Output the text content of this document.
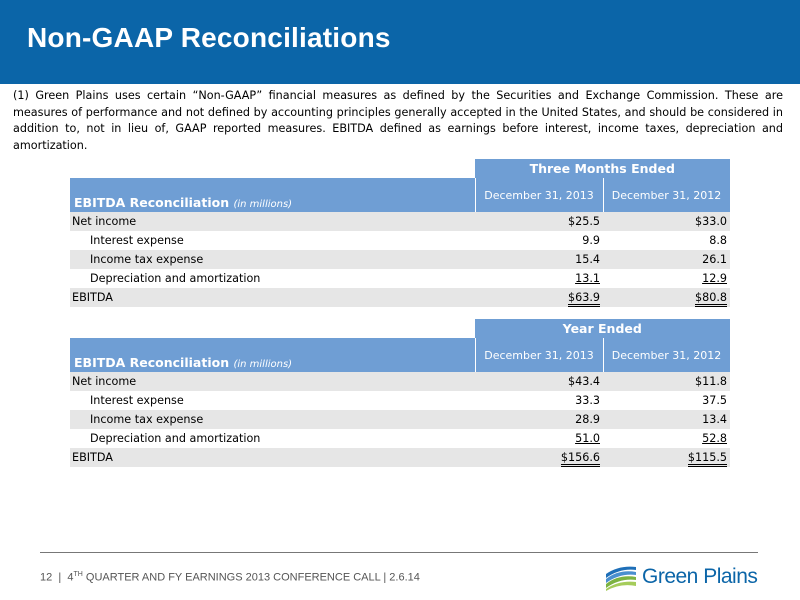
Non-GAAP Reconciliations
(1) Green Plains uses certain “Non-GAAP” financial measures as defined by the Securities and Exchange Commission. These are measures of performance and not defined by accounting principles generally accepted in the United States, and should be considered in addition to, not in lieu of, GAAP reported measures. EBITDA defined as earnings before interest, income taxes, depreciation and amortization.
	Three Months Ended	
EBITDA Reconciliation (in millions)	December 31, 2013	December 31, 2012
Net income	$25.5	$33.0
Interest expense	9.9	8.8
Income tax expense	15.4	26.1
Depreciation and amortization	13.1	12.9
EBITDA	$63.9	$80.8
	Year Ended	
EBITDA Reconciliation (in millions)	December 31, 2013	December 31, 2012
Net income	$43.4	$11.8
Interest expense	33.3	37.5
Income tax expense	28.9	13.4
Depreciation and amortization	51.0	52.8
EBITDA	$156.6	$115.5
12 | 4TH QUARTER AND FY EARNINGS 2013 CONFERENCE CALL | 2.6.14	Green Plains
